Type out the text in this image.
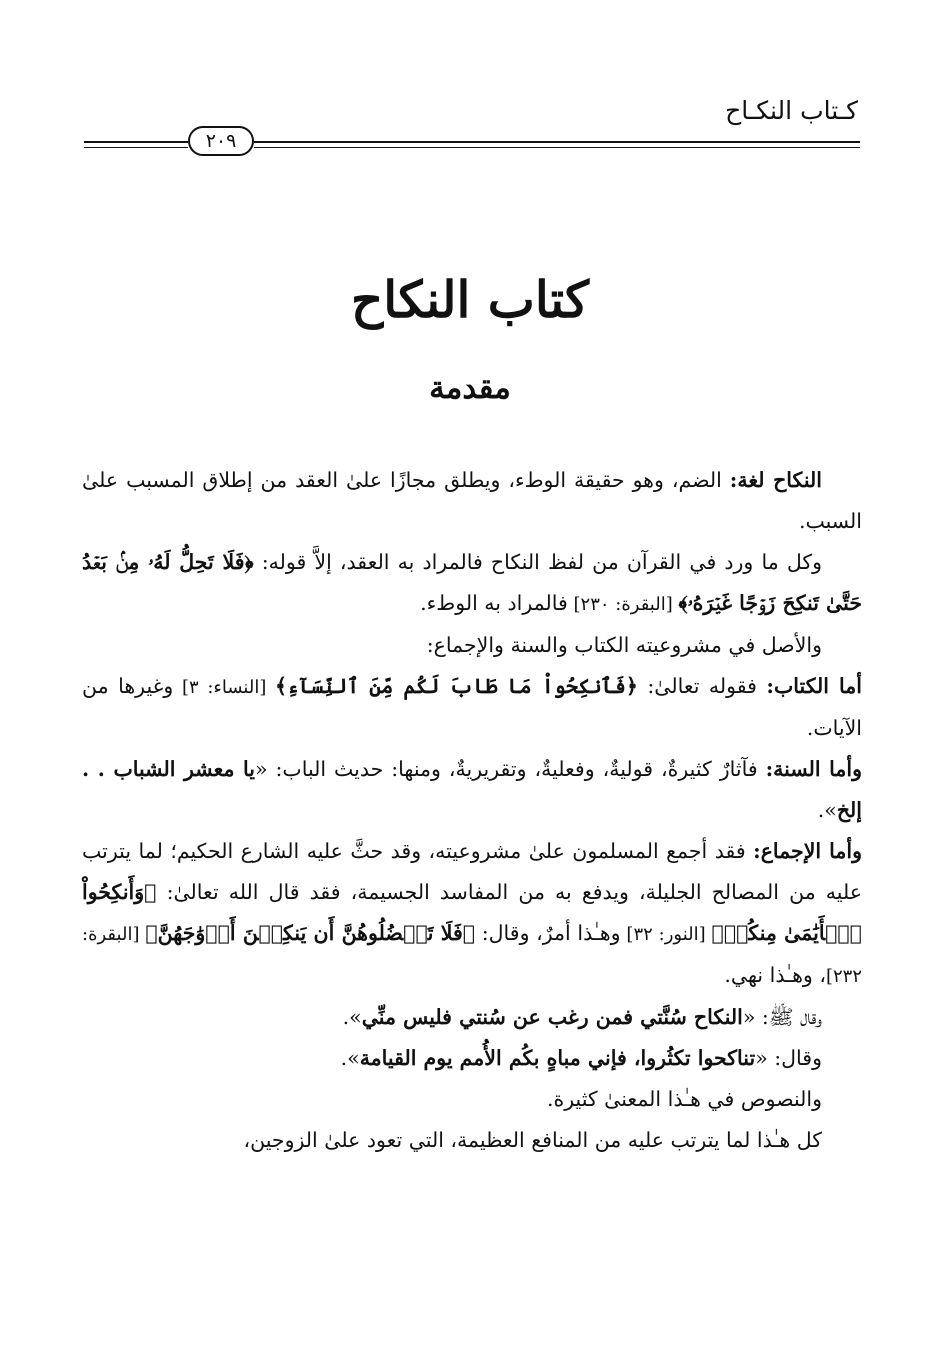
كـتاب النكـاح
٢٠٩
كتاب النكاح
مقدمة

النكاح لغة: الضم، وهو حقيقة الوطء، ويطلق مجازًا علىٰ العقد من إطلاق المسبب علىٰ السبب.

وكل ما ورد في القرآن من لفظ النكاح فالمراد به العقد، إلاَّ قوله: ﴿فَلَا تَحِلُّ لَهُۥ مِنۢ بَعۡدُ حَتَّىٰ تَنكِحَ زَوۡجًا غَيۡرَهُۥ﴾ [البقرة: ٢٣٠] فالمراد به الوطء.

والأصل في مشروعيته الكتاب والسنة والإجماع:

أما الكتاب: فقوله تعالىٰ: ﴿فَٱنكِحُواْ مَا طَابَ لَكُم مِّنَ ٱلنِّسَآءِ﴾ [النساء: ٣] وغيرها من الآيات.

وأما السنة: فآثارٌ كثيرةٌ، قوليةٌ، وفعليةٌ، وتقريريةٌ، ومنها: حديث الباب: «يا معشر الشباب . . إلخ».

وأما الإجماع: فقد أجمع المسلمون علىٰ مشروعيته، وقد حثَّ عليه الشارع الحكيم؛ لما يترتب عليه من المصالح الجليلة، ويدفع به من المفاسد الجسيمة، فقد قال الله تعالىٰ: ﴿وَأَنكِحُواْ ٱلۡأَيَٰمَىٰ مِنكُمۡ﴾ [النور: ٣٢] وهـٰذا أمرٌ، وقال: ﴿فَلَا تَعۡضُلُوهُنَّ أَن يَنكِحۡنَ أَزۡوَٰجَهُنَّ﴾ [البقرة: ٢٣٢]، وهـٰذا نهي.

وقال ﷺ: «النكاح سُنَّتي فمن رغب عن سُنتي فليس منِّي».

وقال: «تناكحوا تكثُروا، فإني مباهٍ بكُم الأُمم يوم القيامة».

والنصوص في هـٰذا المعنىٰ كثيرة.

كل هـٰذا لما يترتب عليه من المنافع العظيمة، التي تعود علىٰ الزوجين،
